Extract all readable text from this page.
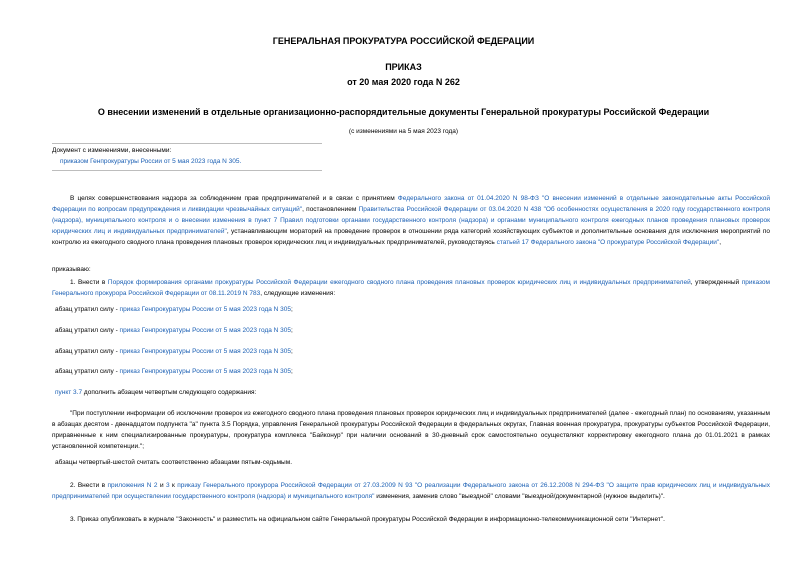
ГЕНЕРАЛЬНАЯ ПРОКУРАТУРА РОССИЙСКОЙ ФЕДЕРАЦИИ
ПРИКАЗ
от 20 мая 2020 года N 262
О внесении изменений в отдельные организационно-распорядительные документы Генеральной прокуратуры Российской Федерации
(с изменениями на 5 мая 2023 года)
Документ с изменениями, внесенными:
приказом Генпрокуратуры России от 5 мая 2023 года N 305.
В целях совершенствования надзора за соблюдением прав предпринимателей и в связи с принятием Федерального закона от 01.04.2020 N 98-ФЗ "О внесении изменений в отдельные законодательные акты Российской Федерации по вопросам предупреждения и ликвидации чрезвычайных ситуаций", постановлением Правительства Российской Федерации от 03.04.2020 N 438 "Об особенностях осуществления в 2020 году государственного контроля (надзора), муниципального контроля и о внесении изменения в пункт 7 Правил подготовки органами государственного контроля (надзора) и органами муниципального контроля ежегодных планов проведения плановых проверок юридических лиц и индивидуальных предпринимателей", устанавливающим мораторий на проведение проверок в отношении ряда категорий хозяйствующих субъектов и дополнительные основания для исключения мероприятий по контролю из ежегодного сводного плана проведения плановых проверок юридических лиц и индивидуальных предпринимателей, руководствуясь статьей 17 Федерального закона "О прокуратуре Российской Федерации",
приказываю:
1. Внести в Порядок формирования органами прокуратуры Российской Федерации ежегодного сводного плана проведения плановых проверок юридических лиц и индивидуальных предпринимателей, утвержденный приказом Генерального прокурора Российской Федерации от 08.11.2019 N 783, следующие изменения:
абзац утратил силу - приказ Генпрокуратуры России от 5 мая 2023 года N 305;
абзац утратил силу - приказ Генпрокуратуры России от 5 мая 2023 года N 305;
абзац утратил силу - приказ Генпрокуратуры России от 5 мая 2023 года N 305;
абзац утратил силу - приказ Генпрокуратуры России от 5 мая 2023 года N 305;
пункт 3.7 дополнить абзацем четвертым следующего содержания:
"При поступлении информации об исключении проверок из ежегодного сводного плана проведения плановых проверок юридических лиц и индивидуальных предпринимателей (далее - ежегодный план) по основаниям, указанным в абзацах десятом - двенадцатом подпункта "а" пункта 3.5 Порядка, управления Генеральной прокуратуры Российской Федерации в федеральных округах, Главная военная прокуратура, прокуратуры субъектов Российской Федерации, приравненные к ним специализированные прокуратуры, прокуратура комплекса "Байконур" при наличии оснований в 30-дневный срок самостоятельно осуществляют корректировку ежегодного плана до 01.01.2021 в рамках установленной компетенции.";
абзацы четвертый-шестой считать соответственно абзацами пятым-седьмым.
2. Внести в приложения N 2 и 3 к приказу Генерального прокурора Российской Федерации от 27.03.2009 N 93 "О реализации Федерального закона от 26.12.2008 N 294-ФЗ "О защите прав юридических лиц и индивидуальных предпринимателей при осуществлении государственного контроля (надзора) и муниципального контроля" изменения, заменив слово "выездной" словами "выездной/документарной (нужное выделить)".
3. Приказ опубликовать в журнале "Законность" и разместить на официальном сайте Генеральной прокуратуры Российской Федерации в информационно-телекоммуникационной сети "Интернет".
